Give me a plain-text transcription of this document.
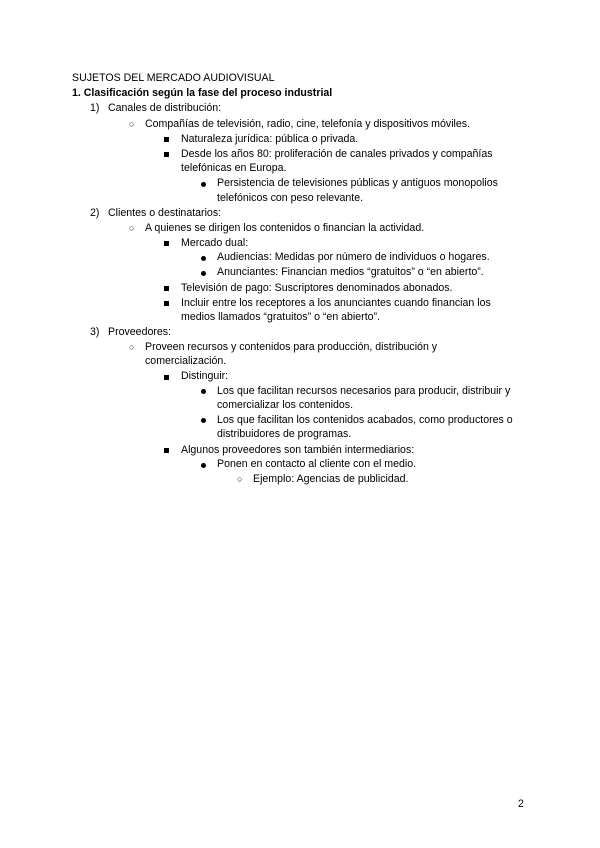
SUJETOS DEL MERCADO AUDIOVISUAL
1. Clasificación según la fase del proceso industrial
1) Canales de distribución:
○ Compañías de televisión, radio, cine, telefonía y dispositivos móviles.
Naturaleza jurídica: pública o privada.
Desde los años 80: proliferación de canales privados y compañías
telefónicas en Europa.
Persistencia de televisiones públicas y antiguos monopolios
telefónicos con peso relevante.
2) Clientes o destinatarios:
○ A quienes se dirigen los contenidos o financian la actividad.
Mercado dual:
Audiencias: Medidas por número de individuos o hogares.
Anunciantes: Financian medios “gratuitos” o “en abierto”.
Televisión de pago: Suscriptores denominados abonados.
Incluir entre los receptores a los anunciantes cuando financian los
medios llamados “gratuitos” o “en abierto”.
3) Proveedores:
○ Proveen recursos y contenidos para producción, distribución y
comercialización.
Distinguir:
Los que facilitan recursos necesarios para producir, distribuir y
comercializar los contenidos.
Los que facilitan los contenidos acabados, como productores o
distribuidores de programas.
Algunos proveedores son también intermediarios:
Ponen en contacto al cliente con el medio.
○ Ejemplo: Agencias de publicidad.
2
